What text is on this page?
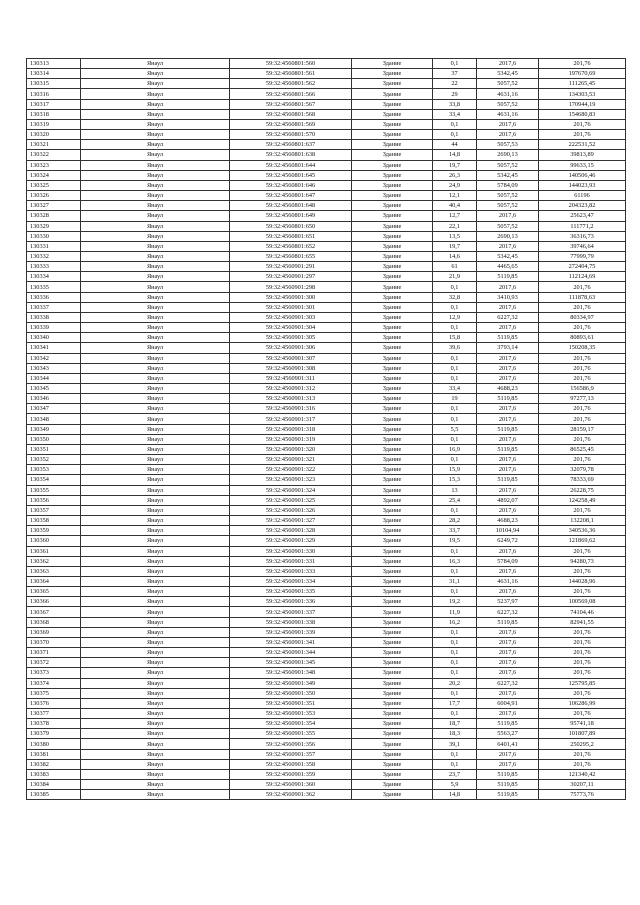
130313	Янаул	59:32:4560801:560	Здание	0,1	2017,6	201,76
130314	Янаул	59:32:4560801:561	Здание	37	5342,45	197670,69
130315	Янаул	59:32:4560801:562	Здание	22	5057,52	111265,45
130316	Янаул	59:32:4560801:566	Здание	29	4631,16	134303,53
130317	Янаул	59:32:4560801:567	Здание	33,8	5057,52	170944,19
130318	Янаул	59:32:4560801:568	Здание	33,4	4631,16	154680,83
130319	Янаул	59:32:4560801:569	Здание	0,1	2017,6	201,76
130320	Янаул	59:32:4560801:570	Здание	0,1	2017,6	201,76
130321	Янаул	59:32:4560801:637	Здание	44	5057,53	222531,52
130322	Янаул	59:32:4560801:638	Здание	14,8	2690,13	39813,89
130323	Янаул	59:32:4560801:644	Здание	19,7	5057,52	99633,15
130324	Янаул	59:32:4560801:645	Здание	26,3	5342,45	140506,46
130325	Янаул	59:32:4560801:646	Здание	24,9	5784,09	144023,93
130326	Янаул	59:32:4560801:647	Здание	12,1	5057,52	61196
130327	Янаул	59:32:4560801:648	Здание	40,4	5057,52	204323,82
130328	Янаул	59:32:4560801:649	Здание	12,7	2017,6	25623,47
130329	Янаул	59:32:4560801:650	Здание	22,1	5057,52	111771,2
130330	Янаул	59:32:4560801:651	Здание	13,5	2690,13	36316,73
130331	Янаул	59:32:4560801:652	Здание	19,7	2017,6	39746,64
130332	Янаул	59:32:4560801:655	Здание	14,6	5342,45	77999,79
130333	Янаул	59:32:4560901:291	Здание	61	4465,65	272404,75
130334	Янаул	59:32:4560901:297	Здание	21,9	5119,85	112124,69
130335	Янаул	59:32:4560901:298	Здание	0,1	2017,6	201,76
130336	Янаул	59:32:4560901:300	Здание	32,8	3410,93	111878,63
130337	Янаул	59:32:4560901:301	Здание	0,1	2017,6	201,76
130338	Янаул	59:32:4560901:303	Здание	12,9	6227,32	80334,97
130339	Янаул	59:32:4560901:304	Здание	0,1	2017,6	201,76
130340	Янаул	59:32:4560901:305	Здание	15,8	5119,85	80893,61
130341	Янаул	59:32:4560901:306	Здание	39,6	3793,14	150208,35
130342	Янаул	59:32:4560901:307	Здание	0,1	2017,6	201,76
130343	Янаул	59:32:4560901:308	Здание	0,1	2017,6	201,76
130344	Янаул	59:32:4560901:311	Здание	0,1	2017,6	201,76
130345	Янаул	59:32:4560901:312	Здание	33,4	4688,23	156586,9
130346	Янаул	59:32:4560901:313	Здание	19	5119,85	97277,13
130347	Янаул	59:32:4560901:316	Здание	0,1	2017,6	201,76
130348	Янаул	59:32:4560901:317	Здание	0,1	2017,6	201,76
130349	Янаул	59:32:4560901:318	Здание	5,5	5119,85	28159,17
130350	Янаул	59:32:4560901:319	Здание	0,1	2017,6	201,76
130351	Янаул	59:32:4560901:320	Здание	16,9	5119,85	86525,45
130352	Янаул	59:32:4560901:321	Здание	0,1	2017,6	201,76
130353	Янаул	59:32:4560901:322	Здание	15,9	2017,6	32079,78
130354	Янаул	59:32:4560901:323	Здание	15,3	5119,85	78333,69
130355	Янаул	59:32:4560901:324	Здание	13	2017,6	26228,75
130356	Янаул	59:32:4560901:325	Здание	25,4	4892,07	124258,49
130357	Янаул	59:32:4560901:326	Здание	0,1	2017,6	201,76
130358	Янаул	59:32:4560901:327	Здание	28,2	4688,23	132208,1
130359	Янаул	59:32:4560901:328	Здание	33,7	10104,94	340536,36
130360	Янаул	59:32:4560901:329	Здание	19,5	6249,72	121869,62
130361	Янаул	59:32:4560901:330	Здание	0,1	2017,6	201,76
130362	Янаул	59:32:4560901:331	Здание	16,3	5784,09	94280,73
130363	Янаул	59:32:4560901:333	Здание	0,1	2017,6	201,76
130364	Янаул	59:32:4560901:334	Здание	31,1	4631,16	144028,96
130365	Янаул	59:32:4560901:335	Здание	0,1	2017,6	201,76
130366	Янаул	59:32:4560901:336	Здание	19,2	5237,97	100569,08
130367	Янаул	59:32:4560901:337	Здание	11,9	6227,32	74104,46
130368	Янаул	59:32:4560901:338	Здание	16,2	5119,85	82941,55
130369	Янаул	59:32:4560901:339	Здание	0,1	2017,6	201,76
130370	Янаул	59:32:4560901:341	Здание	0,1	2017,6	201,76
130371	Янаул	59:32:4560901:344	Здание	0,1	2017,6	201,76
130372	Янаул	59:32:4560901:345	Здание	0,1	2017,6	201,76
130373	Янаул	59:32:4560901:348	Здание	0,1	2017,6	201,76
130374	Янаул	59:32:4560901:349	Здание	20,2	6227,32	125795,85
130375	Янаул	59:32:4560901:350	Здание	0,1	2017,6	201,76
130376	Янаул	59:32:4560901:351	Здание	17,7	6004,91	106286,99
130377	Янаул	59:32:4560901:353	Здание	0,1	2017,6	201,76
130378	Янаул	59:32:4560901:354	Здание	18,7	5119,85	95741,18
130379	Янаул	59:32:4560901:355	Здание	18,3	5563,27	101807,89
130380	Янаул	59:32:4560901:356	Здание	39,1	6401,41	250295,2
130381	Янаул	59:32:4560901:357	Здание	0,1	2017,6	201,76
130382	Янаул	59:32:4560901:358	Здание	0,1	2017,6	201,76
130383	Янаул	59:32:4560901:359	Здание	23,7	5119,85	121340,42
130384	Янаул	59:32:4560901:360	Здание	5,9	5119,85	30207,11
130385	Янаул	59:32:4560901:362	Здание	14,8	5119,85	75773,76
